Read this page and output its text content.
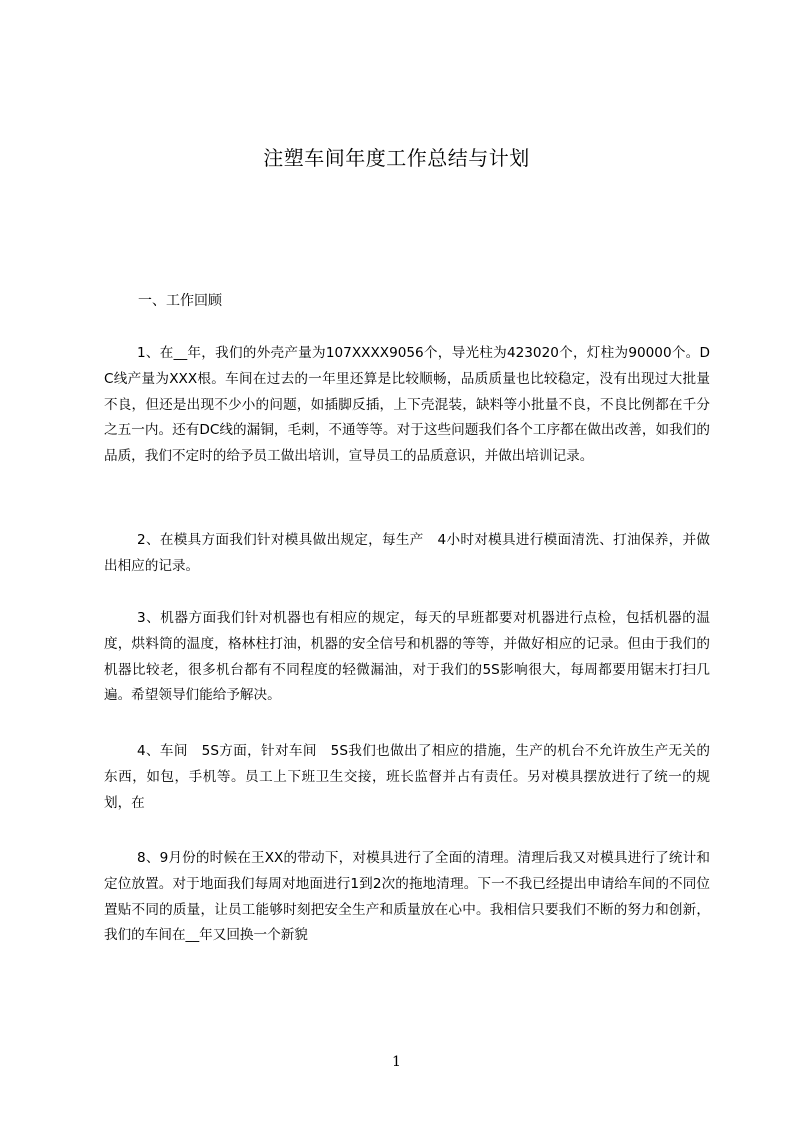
注塑车间年度工作总结与计划
一、工作回顾

1、在__年，我们的外壳产量为107XXXX9056个，导光柱为423020个，灯柱为90000个。DC线产量为XXX根。车间在过去的一年里还算是比较顺畅，品质质量也比较稳定，没有出现过大批量不良，但还是出现不少小的问题，如插脚反插，上下壳混装，缺料等小批量不良，不良比例都在千分之五一内。还有DC线的漏铜，毛刺，不通等等。对于这些问题我们各个工序都在做出改善，如我们的品质，我们不定时的给予员工做出培训，宣导员工的品质意识，并做出培训记录。

2、在模具方面我们针对模具做出规定，每生产　4小时对模具进行模面清洗、打油保养，并做出相应的记录。

3、机器方面我们针对机器也有相应的规定，每天的早班都要对机器进行点检，包括机器的温度，烘料筒的温度，格林柱打油，机器的安全信号和机器的等等，并做好相应的记录。但由于我们的机器比较老，很多机台都有不同程度的轻微漏油，对于我们的5S影响很大，每周都要用锯末打扫几遍。希望领导们能给予解决。

4、车间　5S方面，针对车间　5S我们也做出了相应的措施，生产的机台不允许放生产无关的东西，如包，手机等。员工上下班卫生交接，班长监督并占有责任。另对模具摆放进行了统一的规划，在

8、9月份的时候在王XX的带动下，对模具进行了全面的清理。清理后我又对模具进行了统计和定位放置。对于地面我们每周对地面进行1到2次的拖地清理。下一不我已经提出申请给车间的不同位置贴不同的质量，让员工能够时刻把安全生产和质量放在心中。我相信只要我们不断的努力和创新，我们的车间在__年又回换一个新貌

1
